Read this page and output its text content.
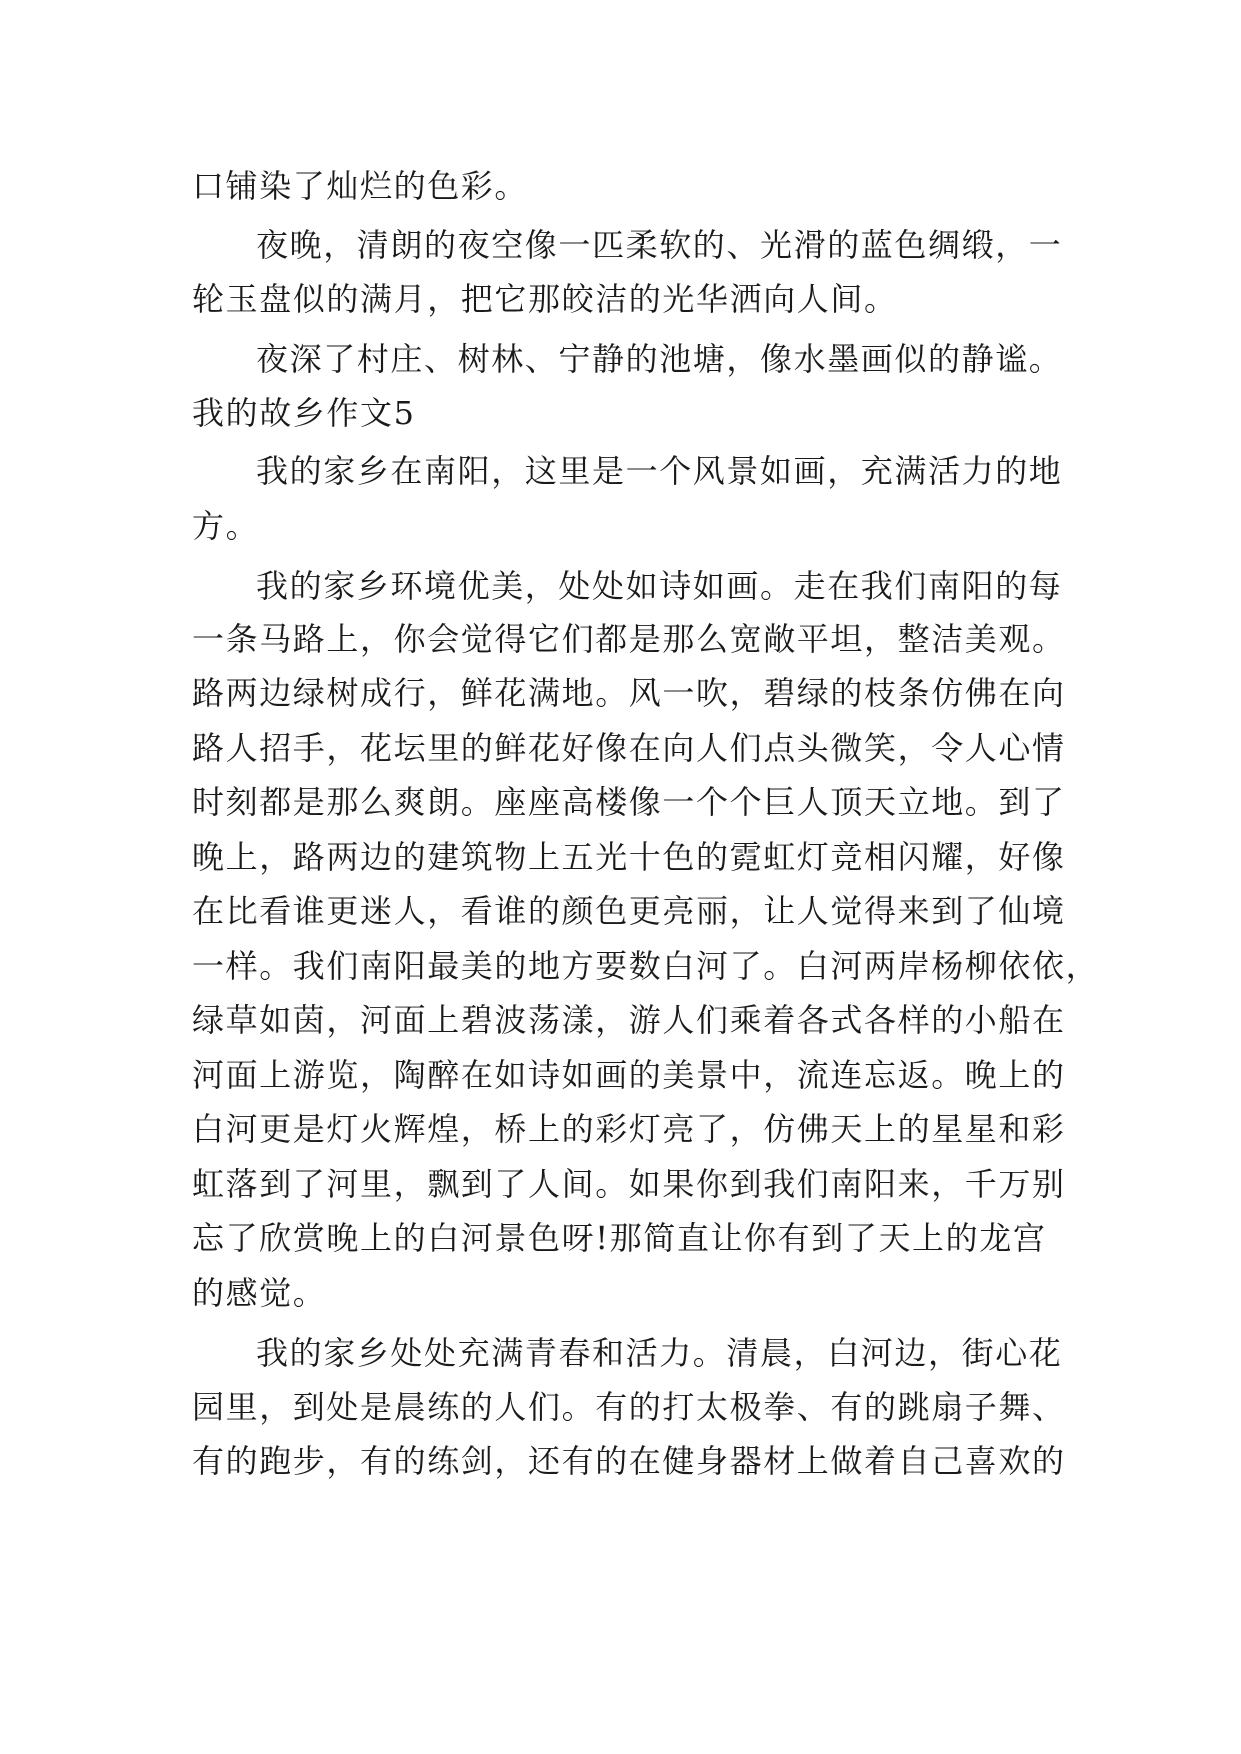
口铺染了灿烂的色彩。
夜晚，清朗的夜空像一匹柔软的、光滑的蓝色绸缎，一
轮玉盘似的满月，把它那皎洁的光华洒向人间。
夜深了村庄、树林、宁静的池塘，像水墨画似的静谧。
我的故乡作文5
我的家乡在南阳，这里是一个风景如画，充满活力的地
方。
我的家乡环境优美，处处如诗如画。走在我们南阳的每
一条马路上，你会觉得它们都是那么宽敞平坦，整洁美观。
路两边绿树成行，鲜花满地。风一吹，碧绿的枝条仿佛在向
路人招手，花坛里的鲜花好像在向人们点头微笑，令人心情
时刻都是那么爽朗。座座高楼像一个个巨人顶天立地。到了
晚上，路两边的建筑物上五光十色的霓虹灯竞相闪耀，好像
在比看谁更迷人，看谁的颜色更亮丽，让人觉得来到了仙境
一样。我们南阳最美的地方要数白河了。白河两岸杨柳依依，
绿草如茵，河面上碧波荡漾，游人们乘着各式各样的小船在
河面上游览，陶醉在如诗如画的美景中，流连忘返。晚上的
白河更是灯火辉煌，桥上的彩灯亮了，仿佛天上的星星和彩
虹落到了河里，飘到了人间。如果你到我们南阳来，千万别
忘了欣赏晚上的白河景色呀!那简直让你有到了天上的龙宫
的感觉。
我的家乡处处充满青春和活力。清晨，白河边，街心花
园里，到处是晨练的人们。有的打太极拳、有的跳扇子舞、
有的跑步，有的练剑，还有的在健身器材上做着自己喜欢的
